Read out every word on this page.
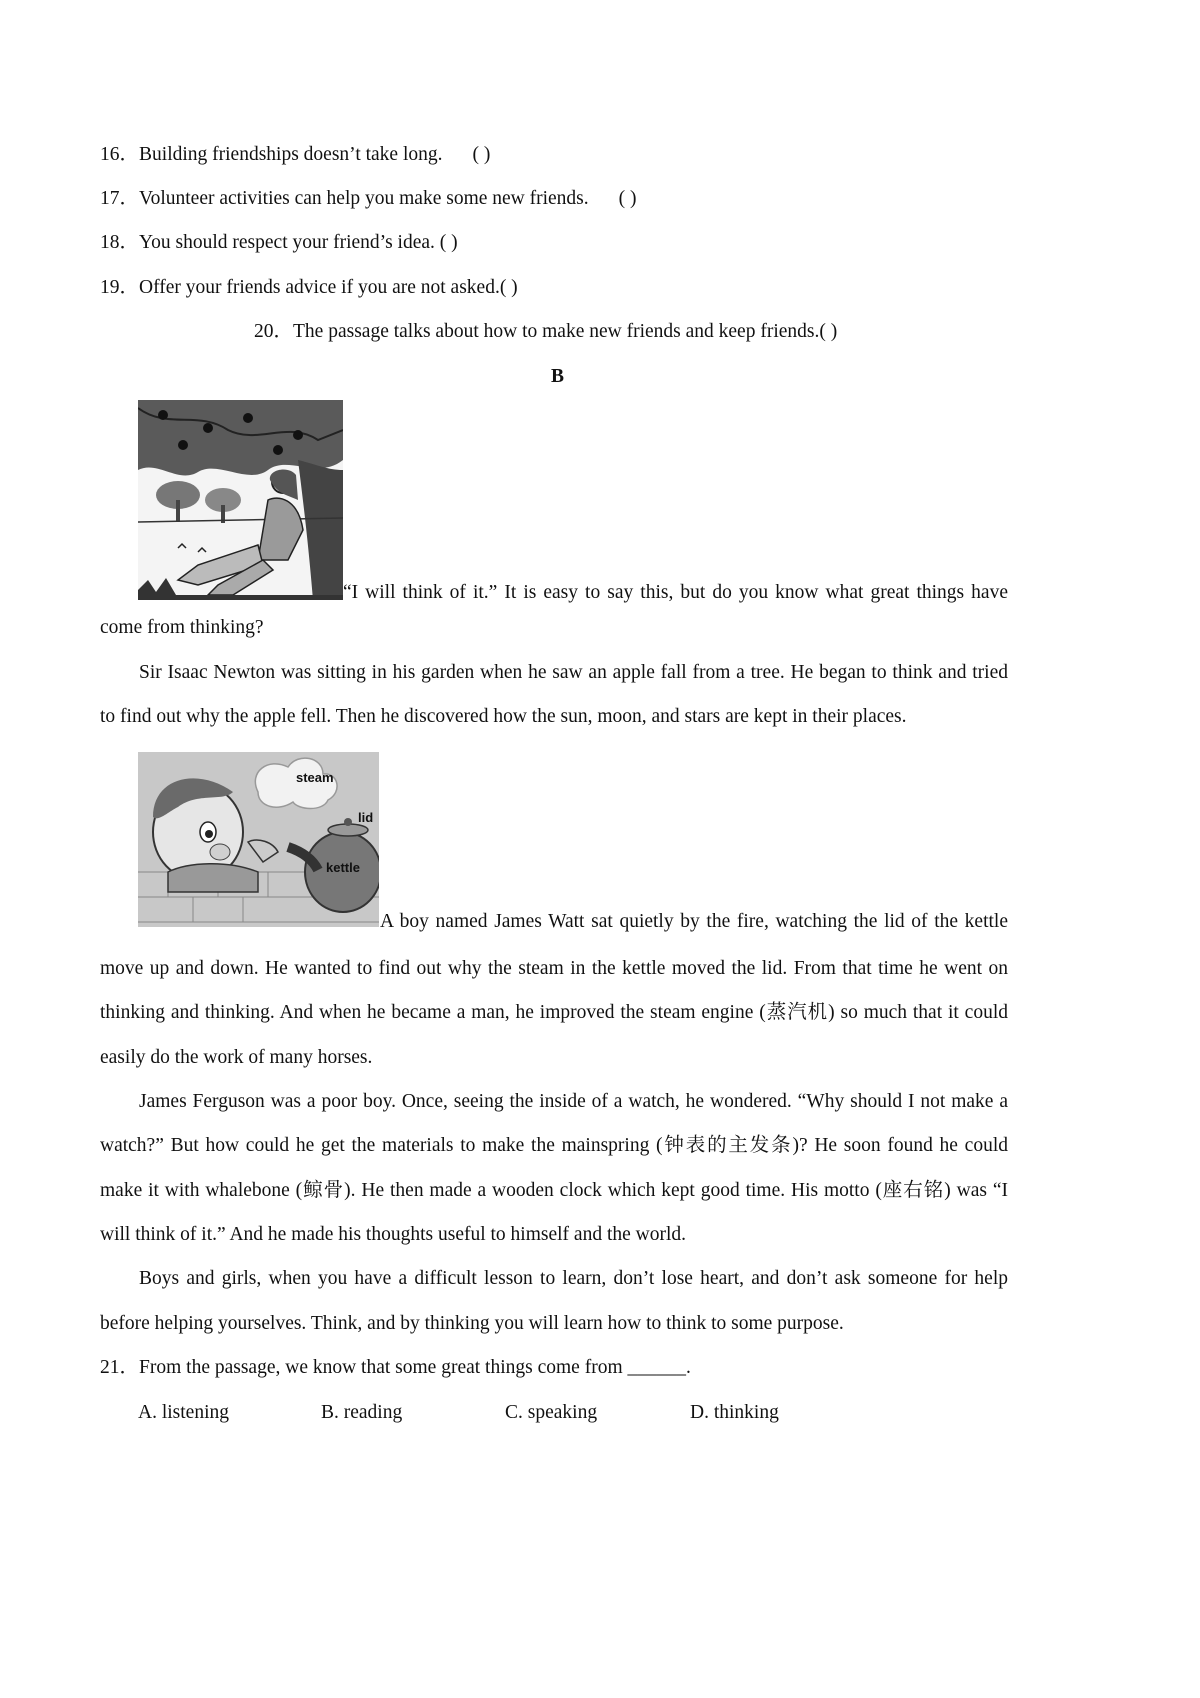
16．Building friendships doesn’t take long. ( )
17．Volunteer activities can help you make some new friends. ( )
18．You should respect your friend’s idea. ( )
19．Offer your friends advice if you are not asked.( )
20．The passage talks about how to make new friends and keep friends.( )
B
“I will think of it.” It is easy to say this, but do you know what great things have
come from thinking?
Sir Isaac Newton was sitting in his garden when he saw an apple fall from a tree. He began to think and tried
to find out why the apple fell. Then he discovered how the sun, moon, and stars are kept in their places.
steam
lid
kettle
A boy named James Watt sat quietly by the fire, watching the lid of the kettle
move up and down. He wanted to find out why the steam in the kettle moved the lid. From that time he went on
thinking and thinking. And when he became a man, he improved the steam engine (蒸汽机) so much that it could
easily do the work of many horses.
James Ferguson was a poor boy. Once, seeing the inside of a watch, he wondered. “Why should I not make a
watch?” But how could he get the materials to make the mainspring (钟表的主发条)? He soon found he could
make it with whalebone (鲸骨). He then made a wooden clock which kept good time. His motto (座右铭) was “I
will think of it.” And he made his thoughts useful to himself and the world.
Boys and girls, when you have a difficult lesson to learn, don’t lose heart, and don’t ask someone for help
before helping yourselves. Think, and by thinking you will learn how to think to some purpose.
21．From the passage, we know that some great things come from ______.
A. listening	B. reading	C. speaking	D. thinking
